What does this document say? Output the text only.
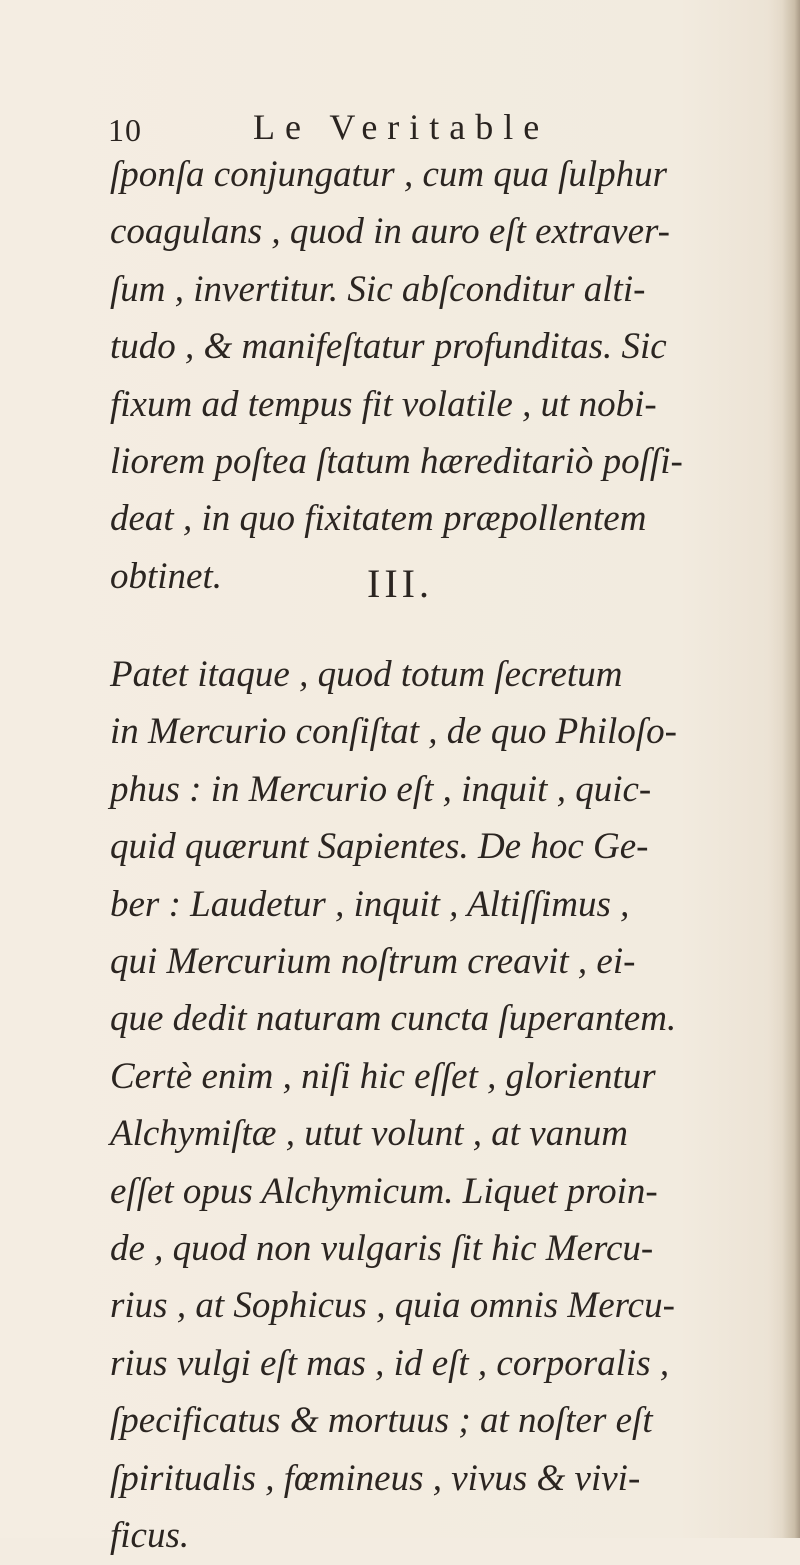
10	Le Veritable
ſponſa conjungatur , cum qua ſulphur
coagulans , quod in auro eſt extraver-
ſum , invertitur. Sic abſconditur alti-
tudo , & manifeſtatur profunditas. Sic
fixum ad tempus fit volatile , ut nobi-
liorem poſtea ſtatum hæreditariò poſſi-
deat , in quo fixitatem præpollentem
obtinet.	III.
Patet itaque , quod totum ſecretum
in Mercurio conſiſtat , de quo Philoſo-
phus : in Mercurio eſt , inquit , quic-
quid quærunt Sapientes. De hoc Ge-
ber : Laudetur , inquit , Altiſſimus ,
qui Mercurium noſtrum creavit , ei-
que dedit naturam cuncta ſuperantem.
Certè enim , niſi hic eſſet , glorientur
Alchymiſtæ , utut volunt , at vanum
eſſet opus Alchymicum. Liquet proin-
de , quod non vulgaris ſit hic Mercu-
rius , at Sophicus , quia omnis Mercu-
rius vulgi eſt mas , id eſt , corporalis ,
ſpecificatus & mortuus ; at noſter eſt
ſpiritualis , fœmineus , vivus & vivi-
ficus.
